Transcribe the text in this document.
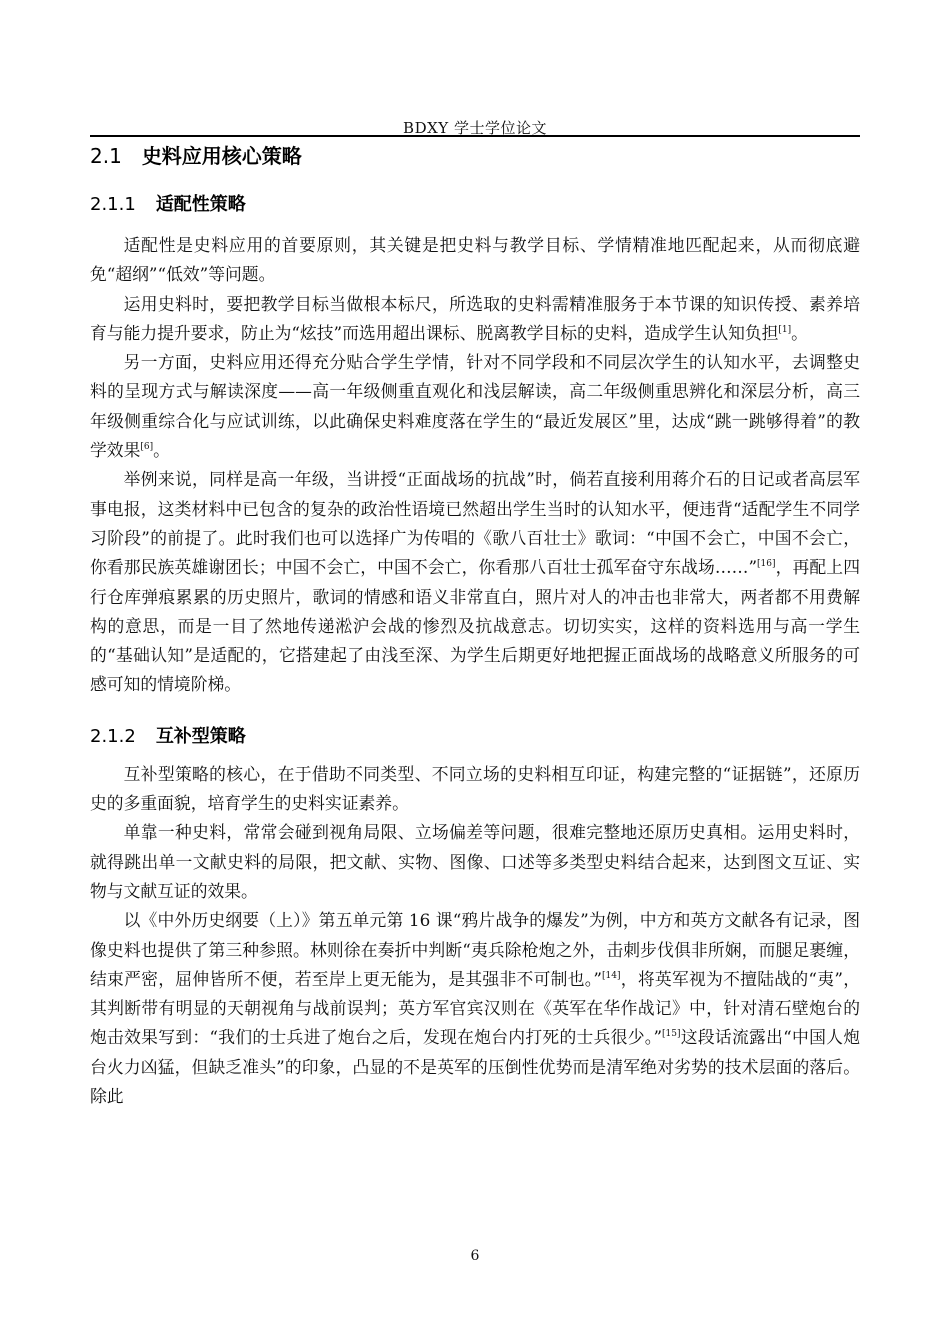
BDXY 学士学位论文
2.1 史料应用核心策略
2.1.1 适配性策略

适配性是史料应用的首要原则，其关键是把史料与教学目标、学情精准地匹配起来，从而彻底避免“超纲”“低效”等问题。

运用史料时，要把教学目标当做根本标尺，所选取的史料需精准服务于本节课的知识传授、素养培育与能力提升要求，防止为“炫技”而选用超出课标、脱离教学目标的史料，造成学生认知负担[1]。

另一方面，史料应用还得充分贴合学生学情，针对不同学段和不同层次学生的认知水平，去调整史料的呈现方式与解读深度——高一年级侧重直观化和浅层解读，高二年级侧重思辨化和深层分析，高三年级侧重综合化与应试训练，以此确保史料难度落在学生的“最近发展区”里，达成“跳一跳够得着”的教学效果[6]。

举例来说，同样是高一年级，当讲授“正面战场的抗战”时，倘若直接利用蒋介石的日记或者高层军事电报，这类材料中已包含的复杂的政治性语境已然超出学生当时的认知水平，便违背“适配学生不同学习阶段”的前提了。此时我们也可以选择广为传唱的《歌八百壮士》歌词：“中国不会亡，中国不会亡，你看那民族英雄谢团长；中国不会亡，中国不会亡，你看那八百壮士孤军奋守东战场……”[16]，再配上四行仓库弹痕累累的历史照片，歌词的情感和语义非常直白，照片对人的冲击也非常大，两者都不用费解构的意思，而是一目了然地传递淞沪会战的惨烈及抗战意志。切切实实，这样的资料选用与高一学生的“基础认知”是适配的，它搭建起了由浅至深、为学生后期更好地把握正面战场的战略意义所服务的可感可知的情境阶梯。

2.1.2 互补型策略

互补型策略的核心，在于借助不同类型、不同立场的史料相互印证，构建完整的“证据链”，还原历史的多重面貌，培育学生的史料实证素养。

单靠一种史料，常常会碰到视角局限、立场偏差等问题，很难完整地还原历史真相。运用史料时，就得跳出单一文献史料的局限，把文献、实物、图像、口述等多类型史料结合起来，达到图文互证、实物与文献互证的效果。

以《中外历史纲要（上）》第五单元第 16 课“鸦片战争的爆发”为例，中方和英方文献各有记录，图像史料也提供了第三种参照。林则徐在奏折中判断“夷兵除枪炮之外，击刺步伐俱非所娴，而腿足裹缠，结束严密，屈伸皆所不便，若至岸上更无能为，是其强非不可制也。”[14]，将英军视为不擅陆战的“夷”，其判断带有明显的天朝视角与战前误判；英方军官宾汉则在《英军在华作战记》中，针对清石壁炮台的炮击效果写到：“我们的士兵进了炮台之后，发现在炮台内打死的士兵很少。”[15]这段话流露出“中国人炮台火力凶猛，但缺乏准头”的印象，凸显的不是英军的压倒性优势而是清军绝对劣势的技术层面的落后。除此

6
